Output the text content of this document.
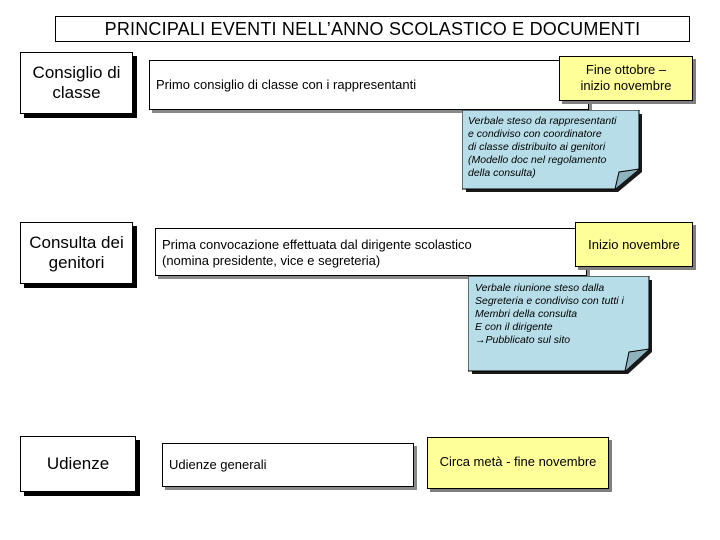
PRINCIPALI EVENTI NELL’ANNO SCOLASTICO E DOCUMENTI
Consiglio di classe	Primo consiglio di classe con i rappresentanti
Fine ottobre – inizio novembre
Verbale steso da rappresentanti
e condiviso con coordinatore
di classe distribuito ai genitori
(Modello doc nel regolamento
della consulta)
Consulta dei genitori
Prima convocazione effettuata dal dirigente scolastico
(nomina presidente, vice e segreteria)
Inizio novembre
Verbale riunione steso dalla
Segreteria e condiviso con tutti i
Membri della consulta
E con il dirigente
→Pubblicato sul sito
Udienze	Udienze generali	Circa metà - fine novembre
